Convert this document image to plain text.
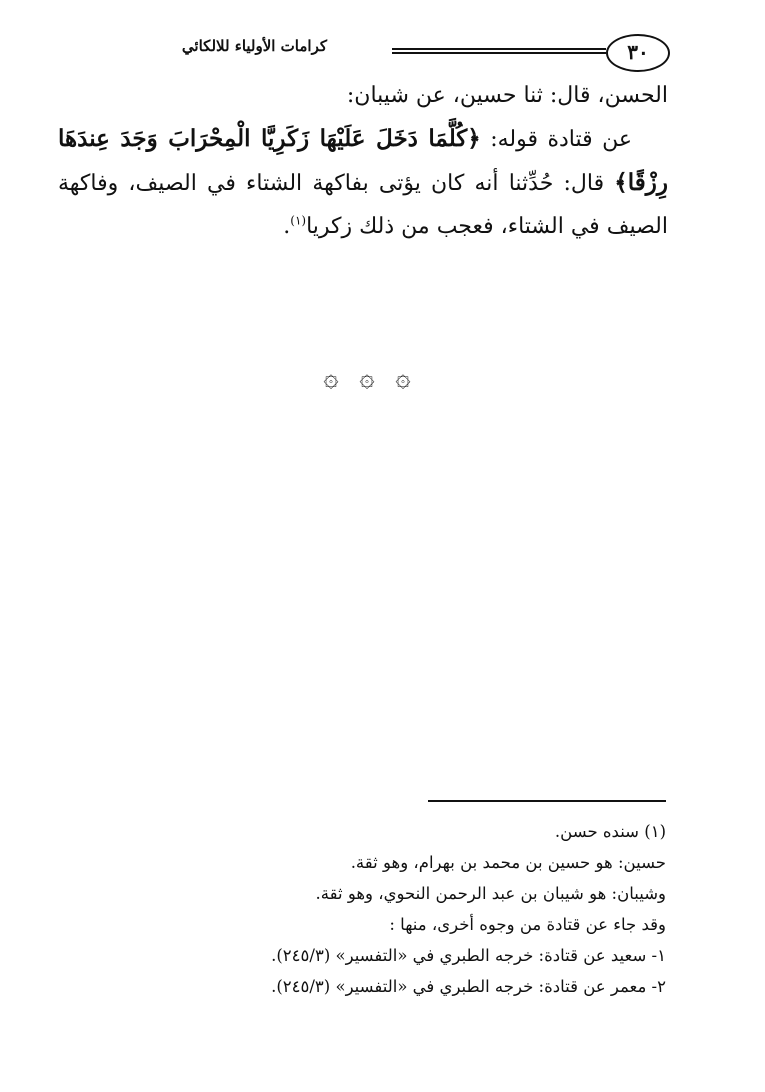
٣٠
كرامات الأولياء للالكائي

الحسن، قال: ثنا حسين، عن شيبان:

عن قتادة قوله: ﴿كُلَّمَا دَخَلَ عَلَيْهَا زَكَرِيَّا الْمِحْرَابَ وَجَدَ عِندَهَا رِزْقًا﴾ قال: حُدِّثنا أنه كان يؤتى بفاكهة الشتاء في الصيف، وفاكهة الصيف في الشتاء، فعجب من ذلك زكريا$^{(١)}$.

۞ ۞ ۞
(١) سنده حسن.
حسين: هو حسين بن محمد بن بهرام، وهو ثقة.
وشيبان: هو شيبان بن عبد الرحمن النحوي، وهو ثقة.
وقد جاء عن قتادة من وجوه أخرى، منها :
١- سعيد عن قتادة: خرجه الطبري في «التفسير» (٢٤٥/٣).
٢- معمر عن قتادة: خرجه الطبري في «التفسير» (٢٤٥/٣).
